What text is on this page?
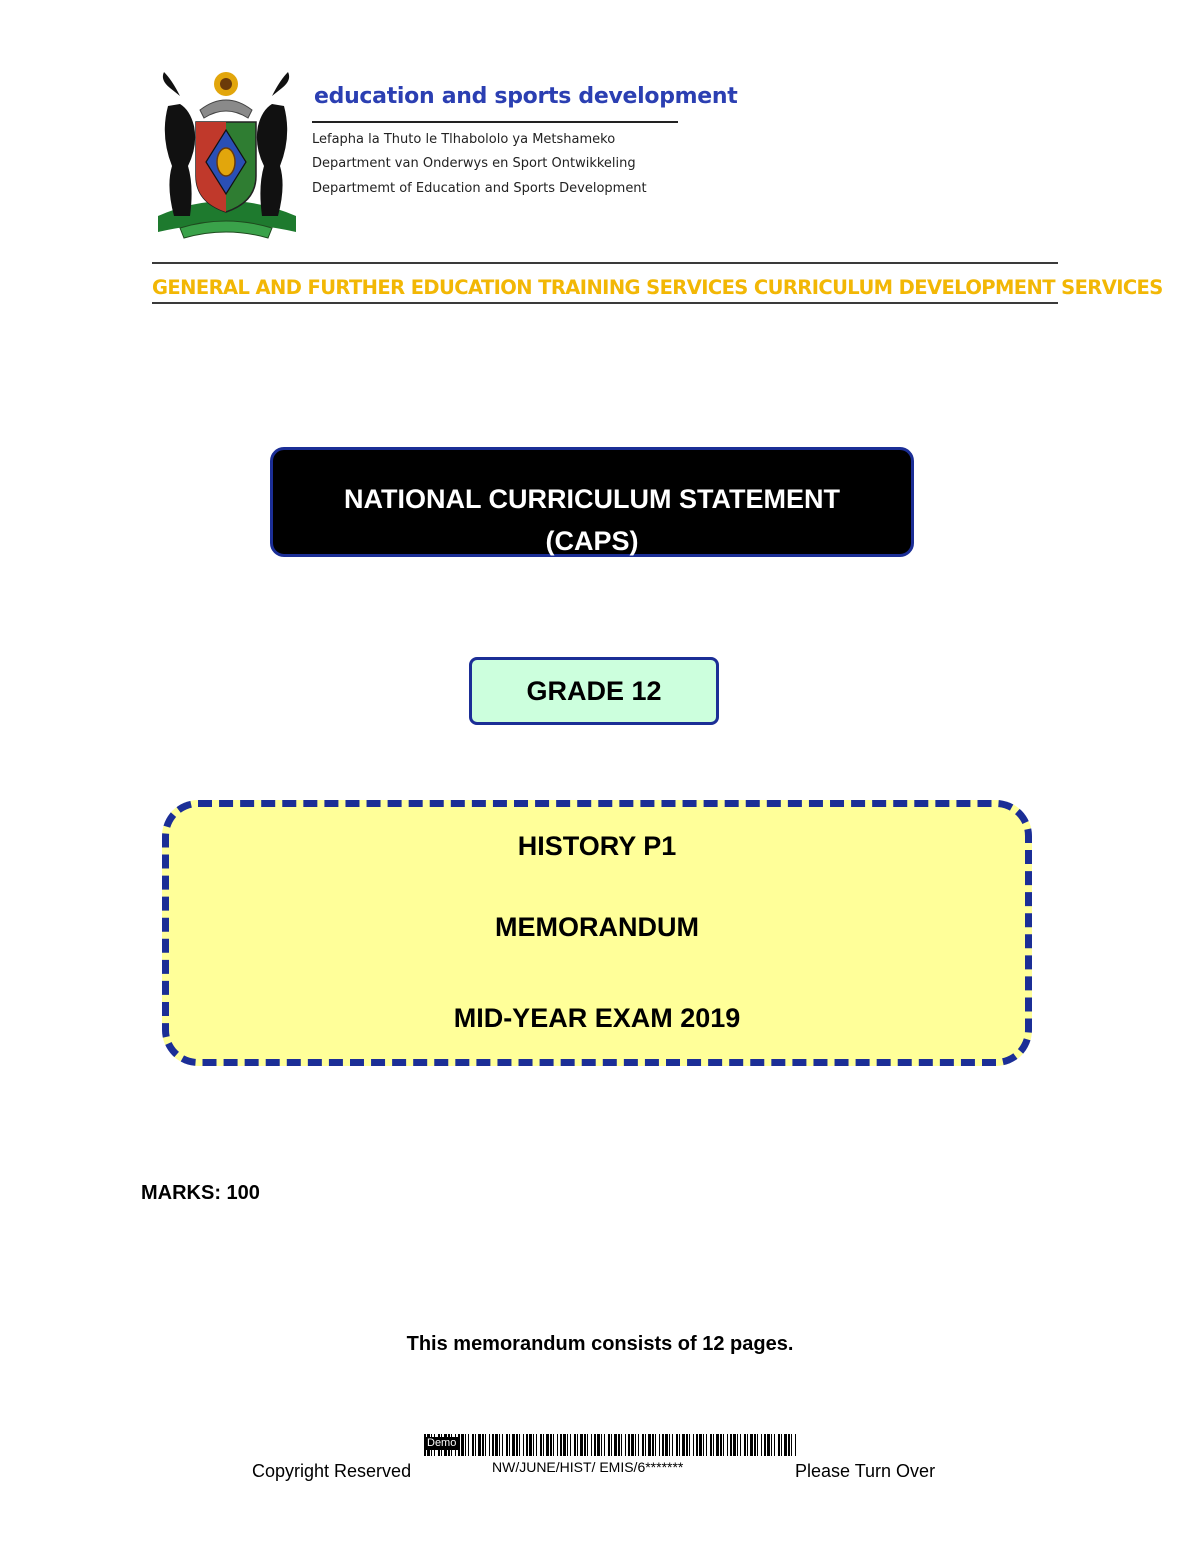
education and sports development
Lefapha la Thuto le Tlhabololo ya Metshameko
Department van Onderwys en Sport Ontwikkeling
Departmemt of Education and Sports Development
GENERAL AND FURTHER EDUCATION TRAINING SERVICES CURRICULUM DEVELOPMENT SERVICES
NATIONAL CURRICULUM STATEMENT
(CAPS)
GRADE 12
HISTORY P1
MEMORANDUM
MID-YEAR EXAM 2019
MARKS: 100
This memorandum consists of 12 pages.
Demo
Copyright Reserved	NW/JUNE/HIST/ EMIS/6*******	Please Turn Over
